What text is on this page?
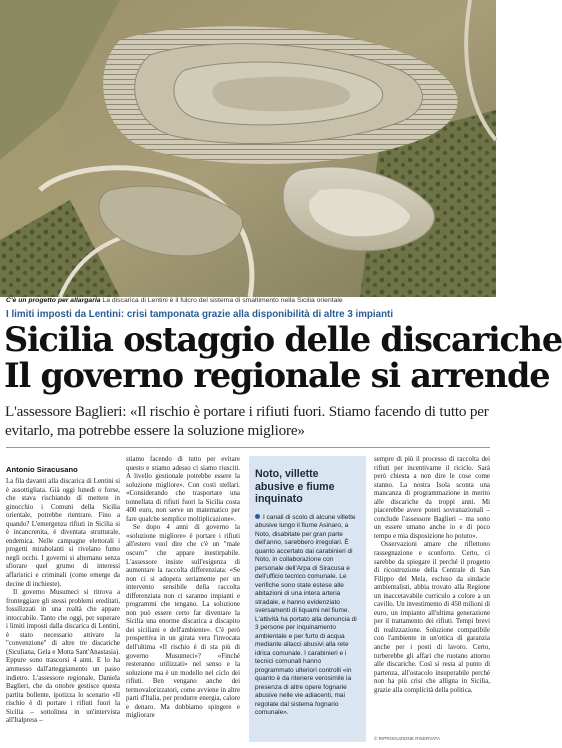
C'è un progetto per allargarla La discarica di Lentini è il fulcro del sistema di smaltimento nella Sicilia orientale
I limiti imposti da Lentini: crisi tamponata grazie alla disponibilità di altre 3 impianti
Sicilia ostaggio delle discariche
Il governo regionale si arrende
L'assessore Baglieri: «Il rischio è portare i rifiuti fuori. Stiamo facendo di tutto per evitarlo, ma potrebbe essere la soluzione migliore»
Antonio Siracusano

La fila davanti alla discarica di Lentini si è assottigliata. Già oggi lunedì o forse, che stava rischiando di mettere in ginocchio i Comuni della Sicilia orientale, potrebbe rientrare. Fino a quando? L'emergenza rifiuti in Sicilia si è incancrenita, è diventata strutturale, endemica. Nelle campagne elettorali i progetti mirabolanti si rivelano fumo negli occhi. I governi si alternano senza sfiorare quel grumo di interessi affaristici e criminali (come emerge da decine di inchieste).

Il governo Musumeci si ritrova a fronteggiare gli stessi problemi ereditati, fossilizzati in una realtà che appare intoccabile. Tanto che oggi, per superare i limiti imposti dalla discarica di Lentini, è stato necessario attivare la "convenzione" di altre tre discariche (Siculiana, Gela e Motta Sant'Anastasia). Eppure sono trascorsi 4 anni. E lo ha ammesso dall'atteggiamento un passo indietro. L'assessore regionale, Daniela Baglieri, che da ottobre gestisce questa partita bollente, ipotizza lo scenario «Il rischio è di portare i rifiuti fuori la Sicilia – sottolinea in un'intervista all'Italpress –

stiamo facendo di tutto per evitare questo e stiamo adesso ci siamo riusciti. A livello gestionale potrebbe essere la soluzione migliore». Con costi stellari. «Considerando che trasportare una tonnellata di rifiuti fuori la Sicilia costa 400 euro, non serve un matematico per fare qualche semplice moltiplicazione».

Se dopo 4 anni di governo la «soluzione migliore» è portare i rifiuti all'estero vuol dire che c'è un "male oscuro" che appare inestirpabile. L'assessore insiste sull'esigenza di aumentare la raccolta differenziata: «Se non ci si adopera seriamente per un intervento sensibile della raccolta differenziata non ci saranno impianti e programmi che tengano. La soluzione non può essere certo far diventare la Sicilia una enorme discarica a discapito dei siciliani e dell'ambiente». C'è però prospettiva in un girata vera l'invocata dell'ultima «Il rischio è di sta più di governo Musumeci»? «Finché resteranno utilizzati» nel senso e la soluzione ma è un modello nel ciclo dei rifiuti. Ben vengano anche dei termovalorizzatori, come avviene in altre parti d'Italia, per produrre energia, calore e denaro. Ma dobbiamo spingere e migliorare

Noto, villette abusive e fiume inquinato
I canali di scolo di alcune villette abusive lungo il fiume Asinaro, a Noto, disabitate per gran parte dell'anno, sarebbero irregolari. È quanto accertato dai carabinieri di Noto, in collaborazione con personale dell'Arpa di Siracusa e dell'ufficio tecnico comunale. Le verifiche sono state estese alle abitazioni di una intera arteria stradale, e hanno evidenziato sversamenti di liquami nel fiume. L'attività ha portato alla denuncia di 3 persone per inquinamento ambientale e per furto di acqua mediante allacci abusivi alla rete idrica comunale. I carabinieri e i tecnici comunali hanno programmato ulteriori controlli «in quanto è da ritenere verosimile la presenza di altre opere fognarie abusive nelle vie adiacenti, mai regolate dal sistema fognario comunale».

sempre di più il processo di raccolta dei rifiuti per incentivarne il riciclo. Sarà però chiesta a non dire le cose come stanno. La nostra Isola sconta una mancanza di programmazione in merito alle discariche da troppi anni. Mi piacerebbe avere poteri sovranazionali – conclude l'assessore Baglieri – ma sono un essere umano anche io e di poco tempo e mia disposizione ho potuto».

Osservazioni amare che riflettono rassegnazione e sconforto. Certo, ci sarebbe da spiegare il perché il progetto di ricostruzione della Centrale di San Filippo del Mela, escluso da sindacie ambientalisti, abbia trovato alla Regione un inaccetavabile curriculo a colore a un cavillo. Un investimento di 450 milioni di euro, un impianto all'ultima generazione per il trattamento dei rifiuti. Tempi brevi di realizzazione. Soluzione compatibile con l'ambiente in un'ottica di garanzia anche per i posti di lavoro. Certo, turberebbe gli affari che ruotano attorno alle discariche. Così si resta al punto di partenza, all'ostacolo insuperabile perché non ha più crisi che alligna in Sicilia, grazie alla complicità della politica.

© RIPRODUZIONE RISERVATA
